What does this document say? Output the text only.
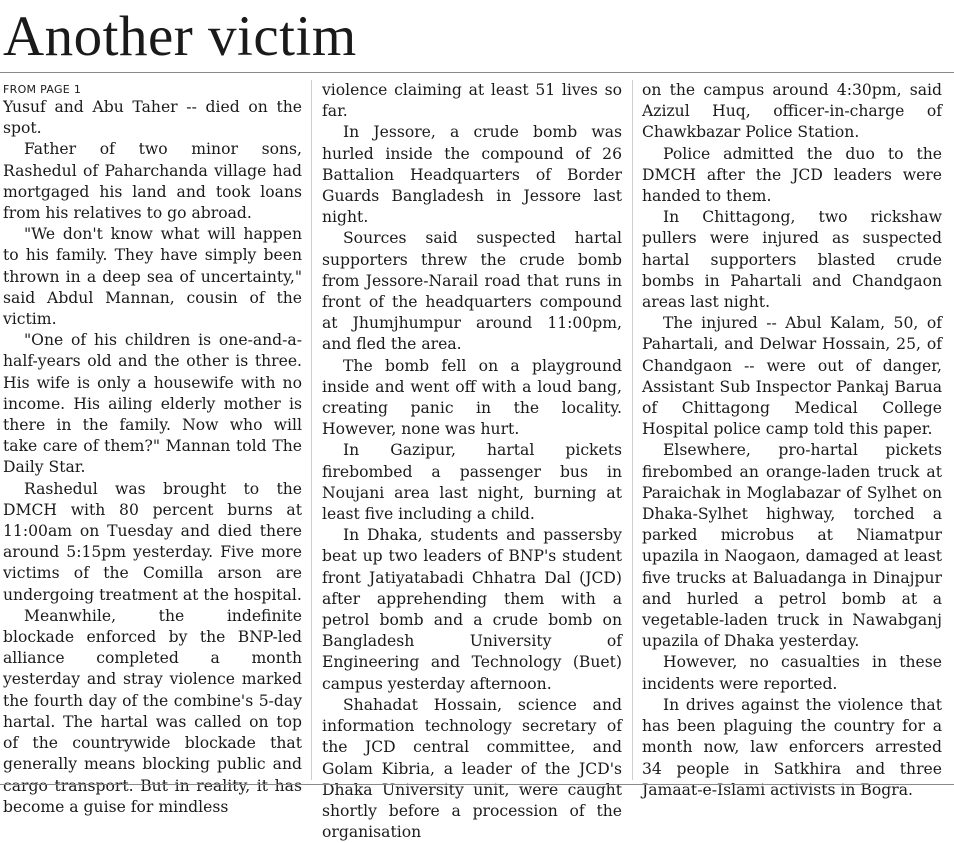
Another victim
FROM PAGE 1

Yusuf and Abu Taher -- died on the spot.

Father of two minor sons, Rashedul of Paharchanda village had mortgaged his land and took loans from his relatives to go abroad.

"We don't know what will happen to his family. They have simply been thrown in a deep sea of uncertainty," said Abdul Mannan, cousin of the victim.

"One of his children is one-and-a-half-years old and the other is three. His wife is only a housewife with no income. His ailing elderly mother is there in the family. Now who will take care of them?" Mannan told The Daily Star.

Rashedul was brought to the DMCH with 80 percent burns at 11:00am on Tuesday and died there around 5:15pm yesterday. Five more victims of the Comilla arson are undergoing treatment at the hospital.

Meanwhile, the indefinite blockade enforced by the BNP-led alliance completed a month yesterday and stray violence marked the fourth day of the combine's 5-day hartal. The hartal was called on top of the countrywide blockade that generally means blocking public and cargo transport. But in reality, it has become a guise for mindless

violence claiming at least 51 lives so far.

In Jessore, a crude bomb was hurled inside the compound of 26 Battalion Headquarters of Border Guards Bangladesh in Jessore last night.

Sources said suspected hartal supporters threw the crude bomb from Jessore-Narail road that runs in front of the headquarters compound at Jhumjhumpur around 11:00pm, and fled the area.

The bomb fell on a playground inside and went off with a loud bang, creating panic in the locality. However, none was hurt.

In Gazipur, hartal pickets firebombed a passenger bus in Noujani area last night, burning at least five including a child.

In Dhaka, students and passersby beat up two leaders of BNP's student front Jatiyatabadi Chhatra Dal (JCD) after apprehending them with a petrol bomb and a crude bomb on Bangladesh University of Engineering and Technology (Buet) campus yesterday afternoon.

Shahadat Hossain, science and information technology secretary of the JCD central committee, and Golam Kibria, a leader of the JCD's Dhaka University unit, were caught shortly before a procession of the organisation

on the campus around 4:30pm, said Azizul Huq, officer-in-charge of Chawkbazar Police Station.

Police admitted the duo to the DMCH after the JCD leaders were handed to them.

In Chittagong, two rickshaw pullers were injured as suspected hartal supporters blasted crude bombs in Pahartali and Chandgaon areas last night.

The injured -- Abul Kalam, 50, of Pahartali, and Delwar Hossain, 25, of Chandgaon -- were out of danger, Assistant Sub Inspector Pankaj Barua of Chittagong Medical College Hospital police camp told this paper.

Elsewhere, pro-hartal pickets firebombed an orange-laden truck at Paraichak in Moglabazar of Sylhet on Dhaka-Sylhet highway, torched a parked microbus at Niamatpur upazila in Naogaon, damaged at least five trucks at Baluadanga in Dinajpur and hurled a petrol bomb at a vegetable-laden truck in Nawabganj upazila of Dhaka yesterday.

However, no casualties in these incidents were reported.

In drives against the violence that has been plaguing the country for a month now, law enforcers arrested 34 people in Satkhira and three Jamaat-e-Islami activists in Bogra.
